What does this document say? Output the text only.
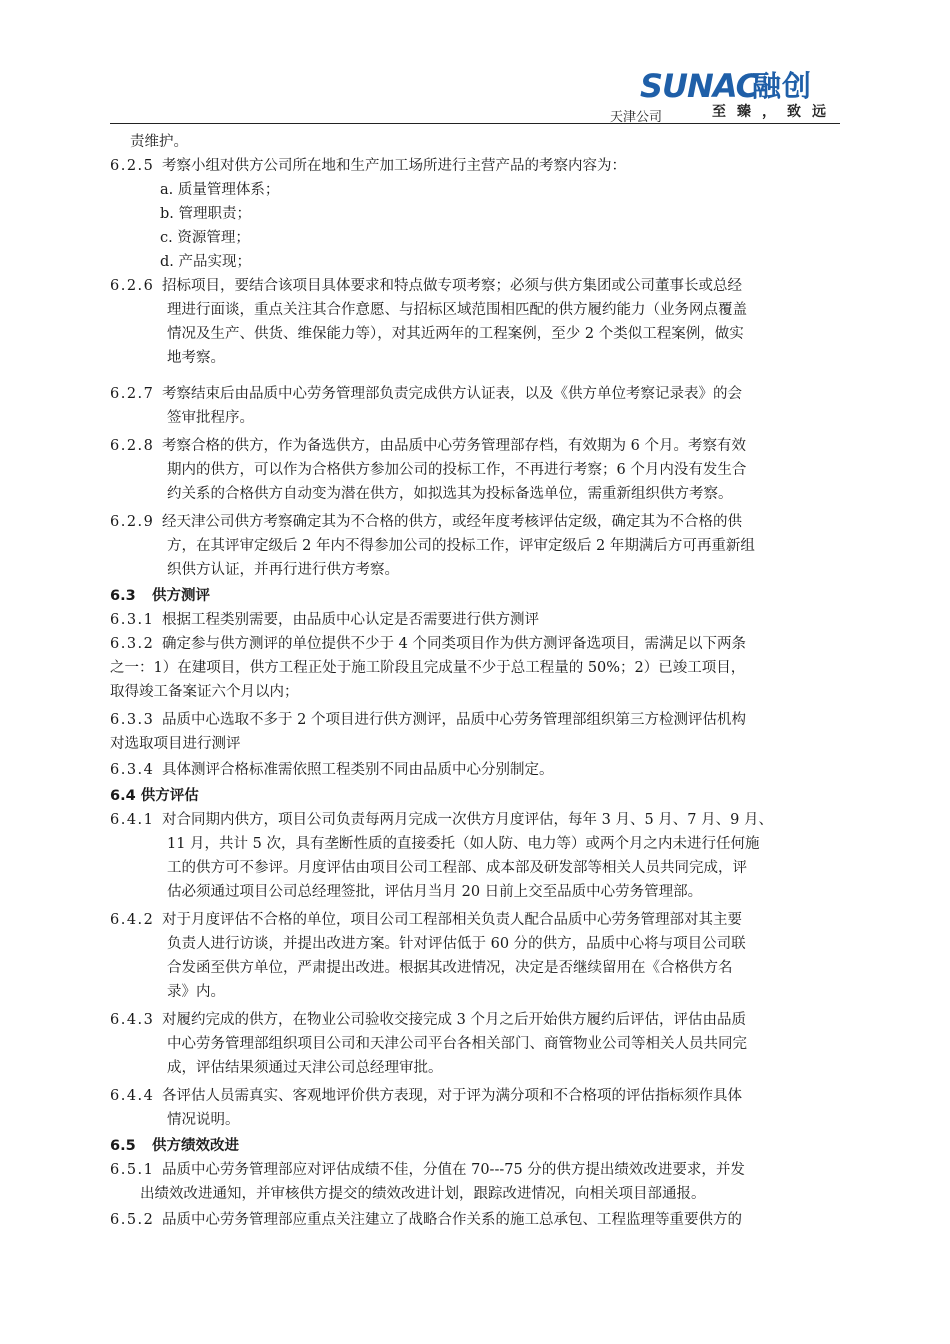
天津公司
SUNAC
融创
至臻，致远
责维护。
6.2.5 考察小组对供方公司所在地和生产加工场所进行主营产品的考察内容为：
a. 质量管理体系；
b. 管理职责；
c. 资源管理；
d. 产品实现；
6.2.6 招标项目，要结合该项目具体要求和特点做专项考察；必须与供方集团或公司董事长或总经
理进行面谈，重点关注其合作意愿、与招标区域范围相匹配的供方履约能力（业务网点覆盖
情况及生产、供货、维保能力等），对其近两年的工程案例，至少 2 个类似工程案例，做实
地考察。
6.2.7 考察结束后由品质中心劳务管理部负责完成供方认证表，以及《供方单位考察记录表》的会
签审批程序。
6.2.8 考察合格的供方，作为备选供方，由品质中心劳务管理部存档，有效期为 6 个月。考察有效
期内的供方，可以作为合格供方参加公司的投标工作，不再进行考察；6 个月内没有发生合
约关系的合格供方自动变为潜在供方，如拟选其为投标备选单位，需重新组织供方考察。
6.2.9 经天津公司供方考察确定其为不合格的供方，或经年度考核评估定级，确定其为不合格的供
方，在其评审定级后 2 年内不得参加公司的投标工作，评审定级后 2 年期满后方可再重新组
织供方认证，并再行进行供方考察。
6.3 供方测评
6.3.1 根据工程类别需要，由品质中心认定是否需要进行供方测评
6.3.2 确定参与供方测评的单位提供不少于 4 个同类项目作为供方测评备选项目，需满足以下两条
之一：1）在建项目，供方工程正处于施工阶段且完成量不少于总工程量的 50%；2）已竣工项目，
取得竣工备案证六个月以内；
6.3.3 品质中心选取不多于 2 个项目进行供方测评，品质中心劳务管理部组织第三方检测评估机构
对选取项目进行测评
6.3.4 具体测评合格标准需依照工程类别不同由品质中心分别制定。
6.4 供方评估
6.4.1 对合同期内供方，项目公司负责每两月完成一次供方月度评估，每年 3 月、5 月、7 月、9 月、
11 月，共计 5 次，具有垄断性质的直接委托（如人防、电力等）或两个月之内未进行任何施
工的供方可不参评。月度评估由项目公司工程部、成本部及研发部等相关人员共同完成，评
估必须通过项目公司总经理签批，评估月当月 20 日前上交至品质中心劳务管理部。
6.4.2 对于月度评估不合格的单位，项目公司工程部相关负责人配合品质中心劳务管理部对其主要
负责人进行访谈，并提出改进方案。针对评估低于 60 分的供方，品质中心将与项目公司联
合发函至供方单位，严肃提出改进。根据其改进情况，决定是否继续留用在《合格供方名
录》内。
6.4.3 对履约完成的供方，在物业公司验收交接完成 3 个月之后开始供方履约后评估，评估由品质
中心劳务管理部组织项目公司和天津公司平台各相关部门、商管物业公司等相关人员共同完
成，评估结果须通过天津公司总经理审批。
6.4.4 各评估人员需真实、客观地评价供方表现，对于评为满分项和不合格项的评估指标须作具体
情况说明。
6.5 供方绩效改进
6.5.1 品质中心劳务管理部应对评估成绩不佳，分值在 70---75 分的供方提出绩效改进要求，并发
出绩效改进通知，并审核供方提交的绩效改进计划，跟踪改进情况，向相关项目部通报。
6.5.2 品质中心劳务管理部应重点关注建立了战略合作关系的施工总承包、工程监理等重要供方的
